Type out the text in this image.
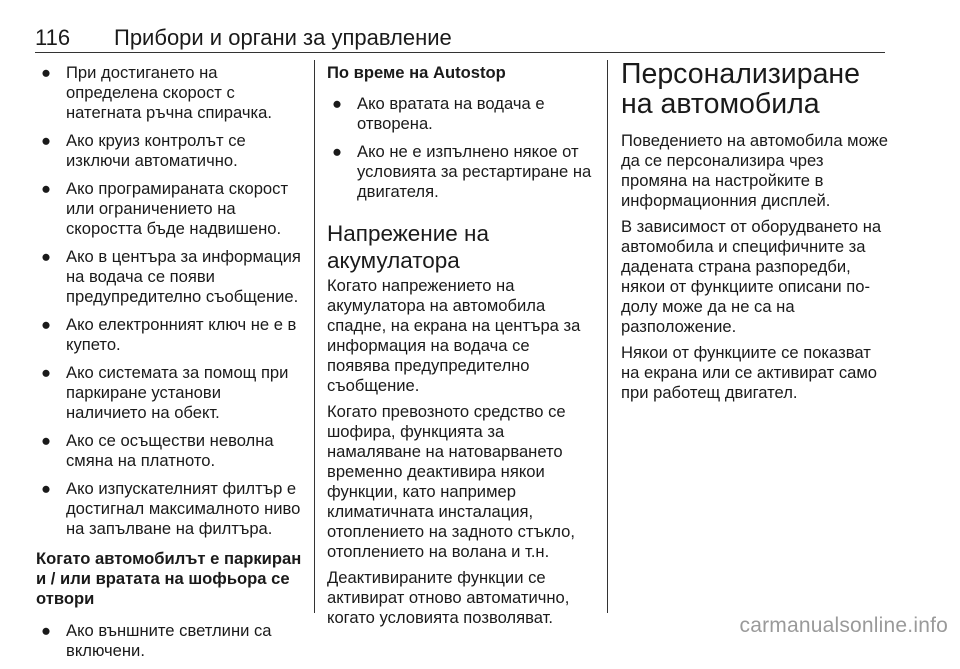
116 Прибори и органи за управление
● При достигането на определена скорост с натегната ръчна спирачка.
● Ако круиз контролът се изключи автоматично.
● Ако програмираната скорост или ограничението на скоростта бъде надвишено.
● Ако в центъра за информация на водача се появи предупредително съобщение.
● Ако електронният ключ не е в купето.
● Ако системата за помощ при паркиране установи наличието на обект.
● Ако се осъществи неволна смяна на платното.
● Ако изпускателният филтър е достигнал максималното ниво на запълване на филтъра.
Когато автомобилът е паркиран и / или вратата на шофьора се отвори
● Ако външните светлини са включени.
По време на Autostop
● Ако вратата на водача е отворена.
● Ако не е изпълнено някое от условията за рестартиране на двигателя.
Напрежение на акумулатора

Когато напрежението на акумулатора на автомобила спадне, на екрана на центъра за информация на водача се появява предупредително съобщение.

Когато превозното средство се шофира, функцията за намаляване на натоварването временно деактивира някои функции, като например климатичната инсталация, отоплението на задното стъкло, отоплението на волана и т.н.

Деактивираните функции се активират отново автоматично, когато условията позволяват.

Персонализиране на автомобила

Поведението на автомобила може да се персонализира чрез промяна на настройките в информационния дисплей.

В зависимост от оборудването на автомобила и специфичните за дадената страна разпоредби, някои от функциите описани по-долу може да не са на разположение.

Някои от функциите се показват на екрана или се активират само при работещ двигател.

carmanualsonline.info
